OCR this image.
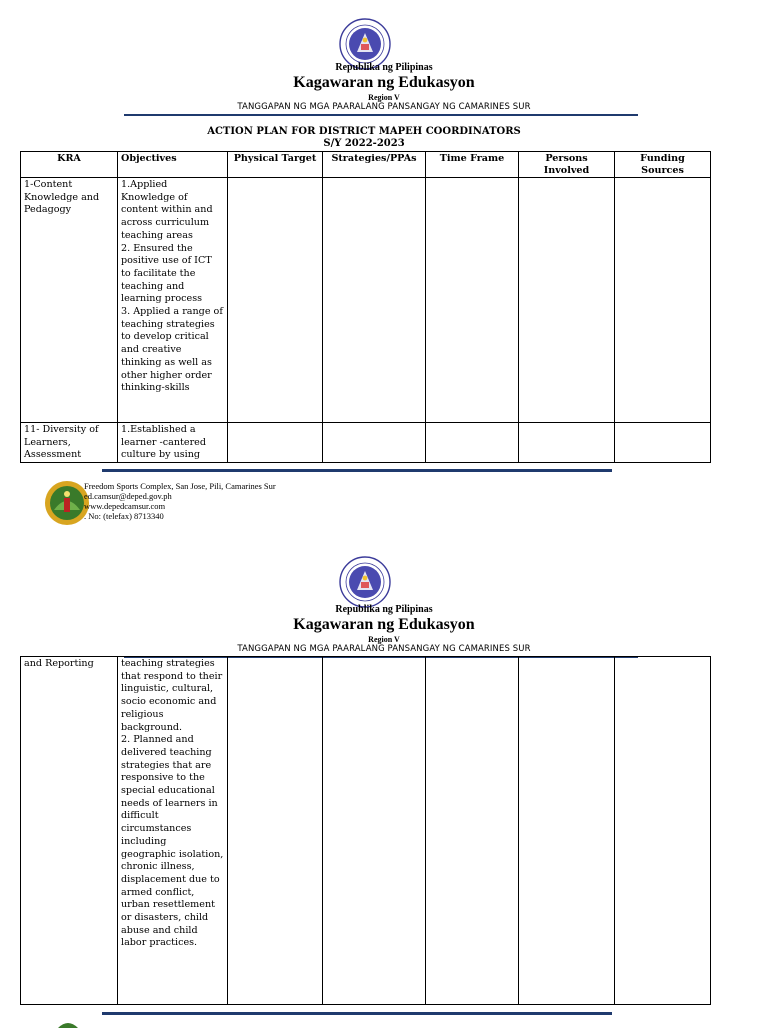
Republika ng Pilipinas
Kagawaran ng Edukasyon
Region V
TANGGAPAN NG MGA PAARALANG PANSANGAY NG CAMARINES SUR
ACTION PLAN FOR DISTRICT MAPEH COORDINATORS
S/Y 2022-2023
KRA	Objectives	Physical Target	Strategies/PPAs	Time Frame	Persons Involved	Funding Sources
1-Content Knowledge and Pedagogy	1.Applied Knowledge of content within and across curriculum teaching areas
2. Ensured the positive use of ICT to facilitate the teaching and learning process
3. Applied a range of teaching strategies to develop critical and creative thinking as well as other higher order thinking-skills					

11- Diversity of Learners, Assessment	1.Established a learner -cantered culture by using					
Freedom Sports Complex, San Jose, Pili, Camarines Sur
ed.camsur@deped.gov.ph
www.depedcamsur.com
. No: (telefax) 8713340
Republika ng Pilipinas
Kagawaran ng Edukasyon
Region V
TANGGAPAN NG MGA PAARALANG PANSANGAY NG CAMARINES SUR
and Reporting	teaching strategies that respond to their linguistic, cultural, socio economic and religious background.
2. Planned and delivered teaching strategies that are responsive to the special educational needs of learners in difficult circumstances including geographic isolation, chronic illness, displacement due to armed conflict, urban resettlement or disasters, child abuse and child labor practices.
